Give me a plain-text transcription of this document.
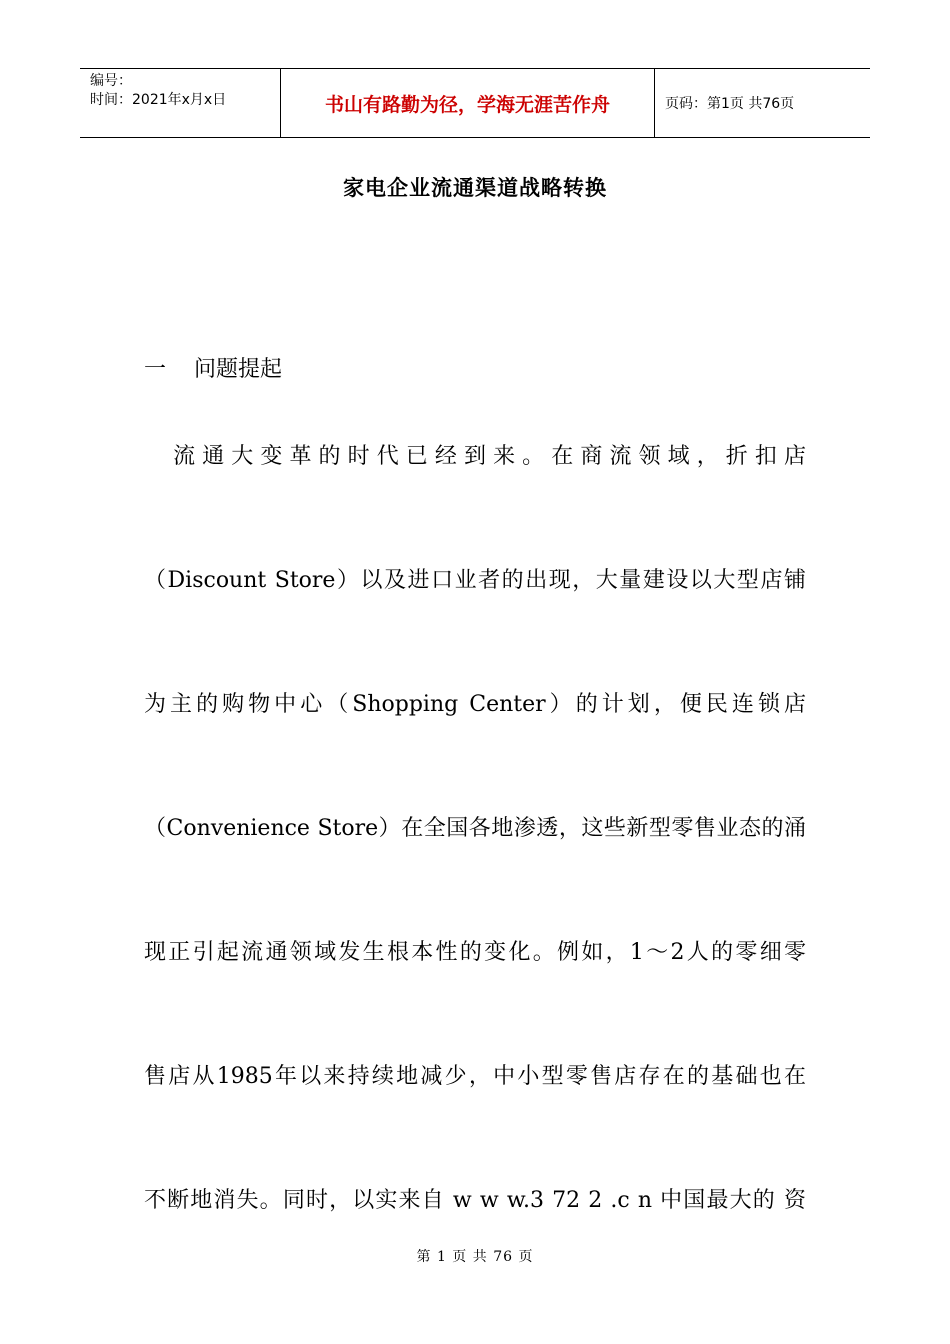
编号：
时间：2021年x月x日	书山有路勤为径，学海无涯苦作舟	页码：第1页 共76页
家电企业流通渠道战略转换
一 问题提起
　流通大变革的时代已经到来。在商流领域，折扣店
（Discount Store）以及进口业者的出现，大量建设以大型店铺
为主的购物中心（Shopping Center）的计划，便民连锁店
（Convenience Store）在全国各地渗透，这些新型零售业态的涌
现正引起流通领域发生根本性的变化。例如，1～2人的零细零
售店从1985年以来持续地减少，中小型零售店存在的基础也在
不断地消失。同时，以实来自 w w w.3 72 2 .c n 中国最大的 资
第 1 页 共 76 页
